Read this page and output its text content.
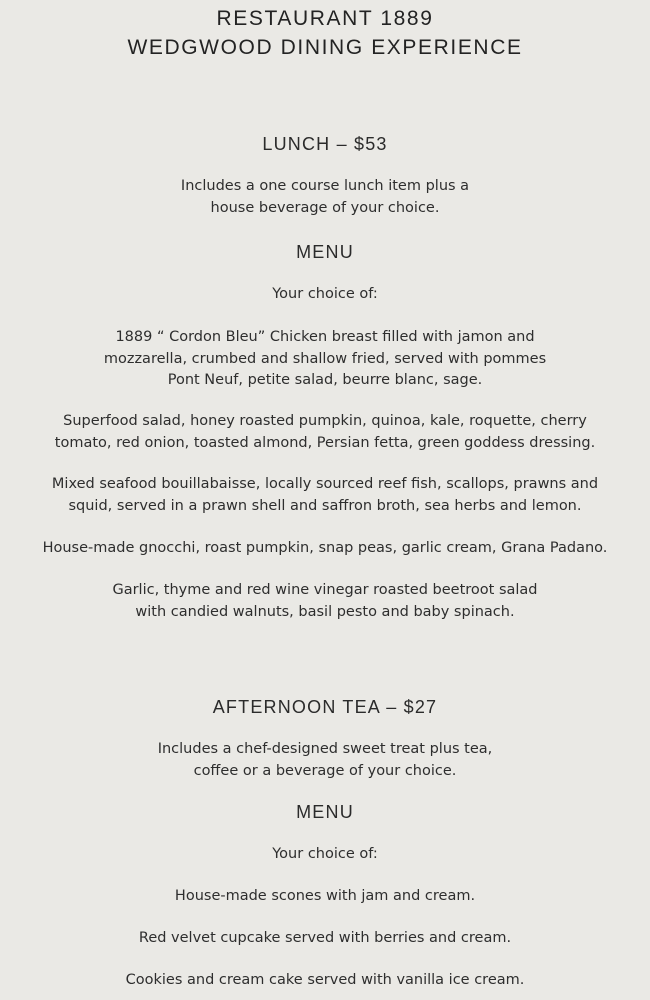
RESTAURANT 1889
WEDGWOOD DINING EXPERIENCE
LUNCH – $53
Includes a one course lunch item plus a
house beverage of your choice.
MENU
Your choice of:
1889 “ Cordon Bleu” Chicken breast filled with jamon and
mozzarella, crumbed and shallow fried, served with pommes
Pont Neuf, petite salad, beurre blanc, sage.
Superfood salad, honey roasted pumpkin, quinoa, kale, roquette, cherry
tomato, red onion, toasted almond, Persian fetta, green goddess dressing.
Mixed seafood bouillabaisse, locally sourced reef fish, scallops, prawns and
squid, served in a prawn shell and saffron broth, sea herbs and lemon.
House-made gnocchi, roast pumpkin, snap peas, garlic cream, Grana Padano.
Garlic, thyme and red wine vinegar roasted beetroot salad
with candied walnuts, basil pesto and baby spinach.
AFTERNOON TEA – $27
Includes a chef-designed sweet treat plus tea,
coffee or a beverage of your choice.
MENU
Your choice of:
House-made scones with jam and cream.
Red velvet cupcake served with berries and cream.
Cookies and cream cake served with vanilla ice cream.
